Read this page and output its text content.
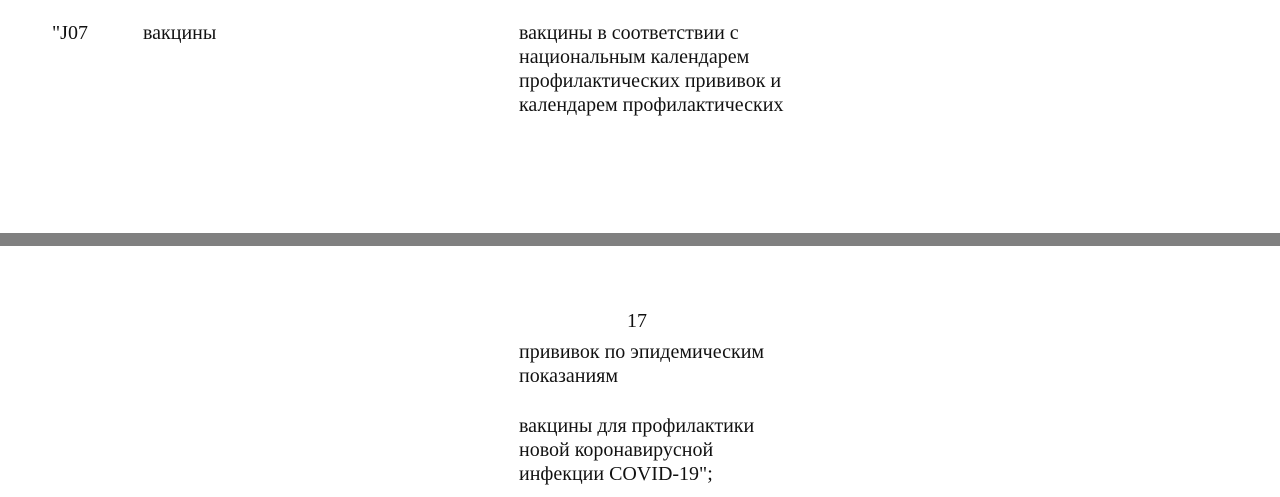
"J07	вакцины	вакцины в соответствии с
национальным календарем
профилактических прививок и
календарем профилактических
17
прививок по эпидемическим
показаниям
вакцины для профилактики
новой коронавирусной
инфекции COVID-19";
